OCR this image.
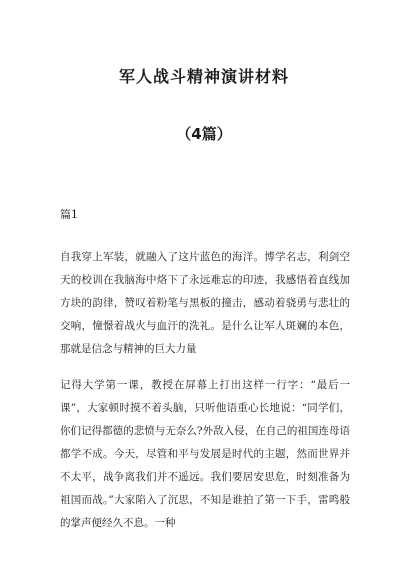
军人战斗精神演讲材料
（4篇）

篇1

自我穿上军装，就融入了这片蓝色的海洋。博学名志，利剑空天的校训在我脑海中烙下了永远难忘的印迹，我感悟着直线加方块的韵律，赞叹着粉笔与黑板的撞击，感动着骁勇与悲壮的交响，憧憬着战火与血汗的洗礼。是什么让军人斑斓的本色，那就是信念与精神的巨大力量

记得大学第一课，教授在屏幕上打出这样一行字：“最后一课”，大家顿时摸不着头脑，只听他语重心长地说：“同学们，你们记得都德的悲愤与无奈么?外敌入侵，在自己的祖国连母语都学不成。今天，尽管和平与发展是时代的主题，然而世界并不太平，战争离我们并不遥远。我们要居安思危，时刻准备为祖国而战。”大家陷入了沉思，不知是谁拍了第一下手，雷鸣般的掌声便经久不息。一种
